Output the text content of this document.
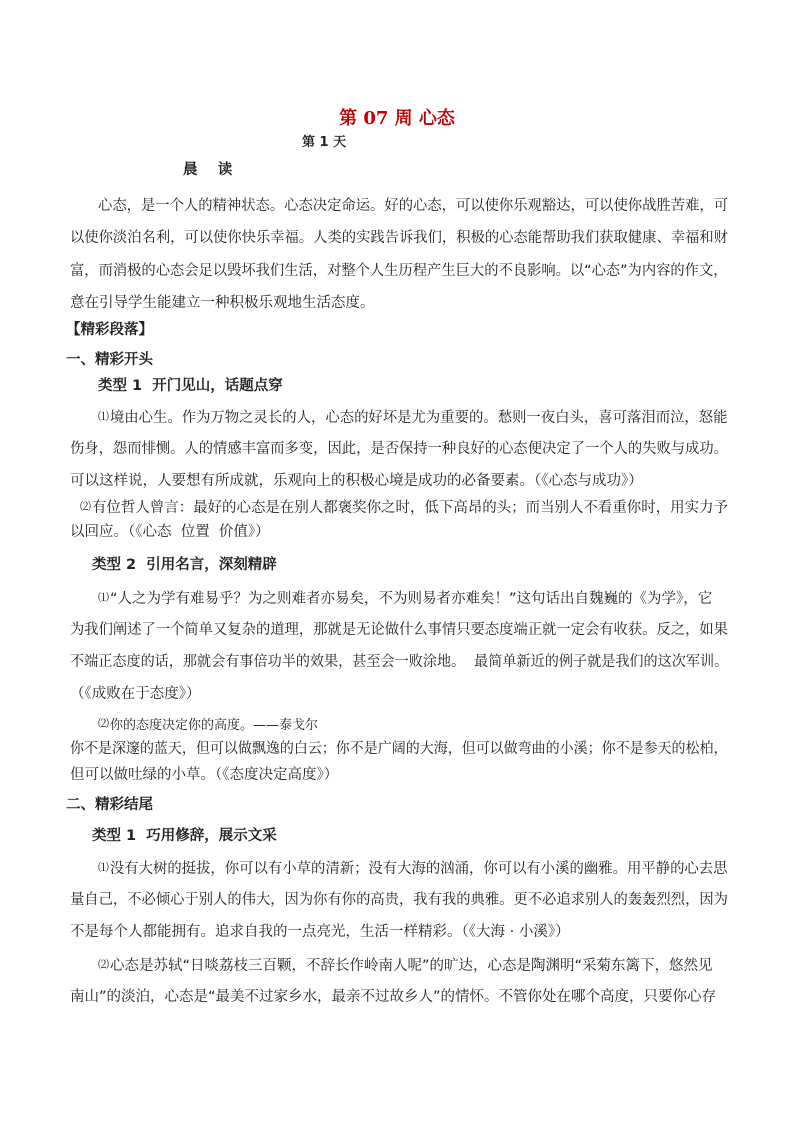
第 07 周 心态
第 1 天
晨    读
心态，是一个人的精神状态。心态决定命运。好的心态，可以使你乐观豁达，可以使你战胜苦难，可
以使你淡泊名利，可以使你快乐幸福。人类的实践告诉我们，积极的心态能帮助我们获取健康、幸福和财
富，而消极的心态会足以毁坏我们生活，对整个人生历程产生巨大的不良影响。以“心态”为内容的作文，
意在引导学生能建立一种积极乐观地生活态度。
【精彩段落】
一、精彩开头
类型 1 开门见山，话题点穿
⑴境由心生。作为万物之灵长的人，心态的好坏是尤为重要的。愁则一夜白头，喜可落泪而泣，怒能
伤身，怨而悱恻。人的情感丰富而多变，因此，是否保持一种良好的心态便决定了一个人的失败与成功。
可以这样说，人要想有所成就，乐观向上的积极心境是成功的必备要素。（《心态与成功》）
⑵有位哲人曾言：最好的心态是在别人都褒奖你之时，低下高昂的头；而当别人不看重你时，用实力予
以回应。（《心态  位置  价值》）
类型 2 引用名言，深刻精辟
⑴“人之为学有难易乎？为之则难者亦易矣，不为则易者亦难矣！”这句话出自魏巍的《为学》，它
为我们阐述了一个简单又复杂的道理，那就是无论做什么事情只要态度端正就一定会有收获。反之，如果
不端正态度的话，那就会有事倍功半的效果，甚至会一败涂地。  最简单新近的例子就是我们的这次军训。
（《成败在于态度》）
⑵你的态度决定你的高度。——泰戈尔
你不是深邃的蓝天，但可以做飘逸的白云；你不是广阔的大海，但可以做弯曲的小溪；你不是参天的松柏，
但可以做吐绿的小草。（《态度决定高度》）
二、精彩结尾
类型 1 巧用修辞，展示文采
⑴没有大树的挺拔，你可以有小草的清新；没有大海的汹涌，你可以有小溪的幽雅。用平静的心去思
量自己，不必倾心于别人的伟大，因为你有你的高贵，我有我的典雅。更不必追求别人的轰轰烈烈，因为
不是每个人都能拥有。追求自我的一点亮光，生活一样精彩。（《大海 · 小溪》）
⑵心态是苏轼“日啖荔枝三百颗，不辞长作岭南人呢”的旷达，心态是陶渊明“采菊东篱下，悠然见
南山”的淡泊，心态是“最美不过家乡水，最亲不过故乡人”的情怀。不管你处在哪个高度，只要你心存
